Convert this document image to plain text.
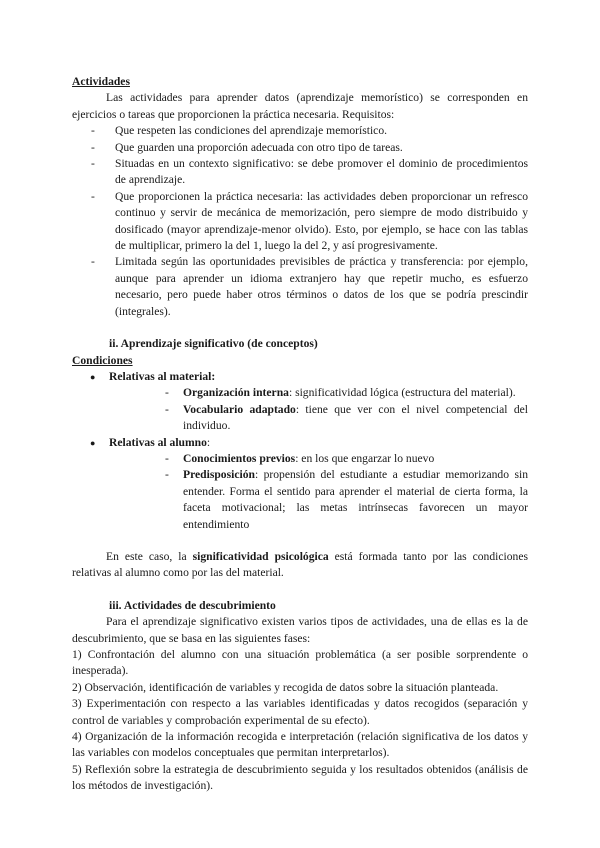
Actividades

Las actividades para aprender datos (aprendizaje memorístico) se corresponden en ejercicios o tareas que proporcionen la práctica necesaria. Requisitos:

- Que respeten las condiciones del aprendizaje memorístico.
- Que guarden una proporción adecuada con otro tipo de tareas.
- Situadas en un contexto significativo: se debe promover el dominio de procedimientos de aprendizaje.
- Que proporcionen la práctica necesaria: las actividades deben proporcionar un refresco continuo y servir de mecánica de memorización, pero siempre de modo distribuido y dosificado (mayor aprendizaje-menor olvido). Esto, por ejemplo, se hace con las tablas de multiplicar, primero la del 1, luego la del 2, y así progresivamente.
- Limitada según las oportunidades previsibles de práctica y transferencia: por ejemplo, aunque para aprender un idioma extranjero hay que repetir mucho, es esfuerzo necesario, pero puede haber otros términos o datos de los que se podría prescindir (integrales).

ii. Aprendizaje significativo (de conceptos)

Condiciones

● Relativas al material:
- Organización interna: significatividad lógica (estructura del material).
- Vocabulario adaptado: tiene que ver con el nivel competencial del individuo.
● Relativas al alumno:
- Conocimientos previos: en los que engarzar lo nuevo
- Predisposición: propensión del estudiante a estudiar memorizando sin entender. Forma el sentido para aprender el material de cierta forma, la faceta motivacional; las metas intrínsecas favorecen un mayor entendimiento

En este caso, la significatividad psicológica está formada tanto por las condiciones relativas al alumno como por las del material.

iii. Actividades de descubrimiento

Para el aprendizaje significativo existen varios tipos de actividades, una de ellas es la de descubrimiento, que se basa en las siguientes fases:

1) Confrontación del alumno con una situación problemática (a ser posible sorprendente o inesperada).

2) Observación, identificación de variables y recogida de datos sobre la situación planteada.

3) Experimentación con respecto a las variables identificadas y datos recogidos (separación y control de variables y comprobación experimental de su efecto).

4) Organización de la información recogida e interpretación (relación significativa de los datos y las variables con modelos conceptuales que permitan interpretarlos).

5) Reflexión sobre la estrategia de descubrimiento seguida y los resultados obtenidos (análisis de los métodos de investigación).
